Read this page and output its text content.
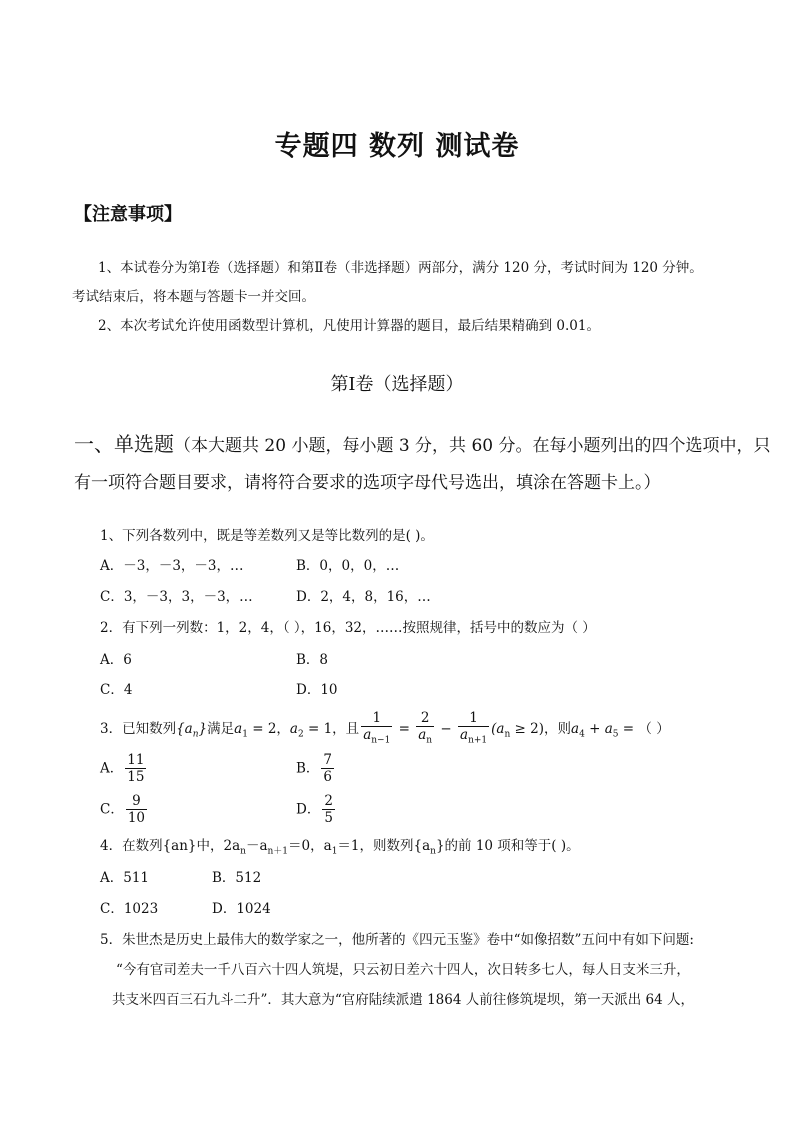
专题四 数列 测试卷
【注意事项】
1、本试卷分为第Ⅰ卷（选择题）和第Ⅱ卷（非选择题）两部分，满分 120 分，考试时间为 120 分钟。
考试结束后，将本题与答题卡一并交回。
2、本次考试允许使用函数型计算机，凡使用计算器的题目，最后结果精确到 0.01。
第Ⅰ卷（选择题）
一、单选题（本大题共 20 小题，每小题 3 分，共 60 分。在每小题列出的四个选项中，只
有一项符合题目要求，请将符合要求的选项字母代号选出，填涂在答题卡上。）
1、下列各数列中，既是等差数列又是等比数列的是( )。
A．－3，－3，－3，…	B．0，0，0，…
C．3，－3，3，－3，…	D．2，4，8，16，…
2．有下列一列数：1，2，4，（ ），16，32，……按照规律，括号中的数应为（ ）
A．6	B．8
C．4	D．10
3．已知数列$\{a_n\}$满足$a_1 = 2$，$a_2 = 1$，且 $\frac{1}{a_{n-1}} = \frac{2}{a_n} - \frac{1}{a_{n+1}} (a_n \ge 2)$，则$a_4 + a_5$ = （ ）
A． $\frac{11}{15}$	B． $\frac{7}{6}$
C． $\frac{9}{10}$	D． $\frac{2}{5}$
4．在数列{an}中，$2a_n-a_{n+1}=0$，$a_1=1$，则数列$\{a_n\}$的前 10 项和等于( )。
A．511	B．512
C．1023	D．1024
5．朱世杰是历史上最伟大的数学家之一，他所著的《四元玉鉴》卷中“如像招数”五问中有如下问题:
“今有官司差夫一千八百六十四人筑堤，只云初日差六十四人，次日转多七人，每人日支米三升，
共支米四百三石九斗二升”．其大意为“官府陆续派遣 1864 人前往修筑堤坝，第一天派出 64 人，
